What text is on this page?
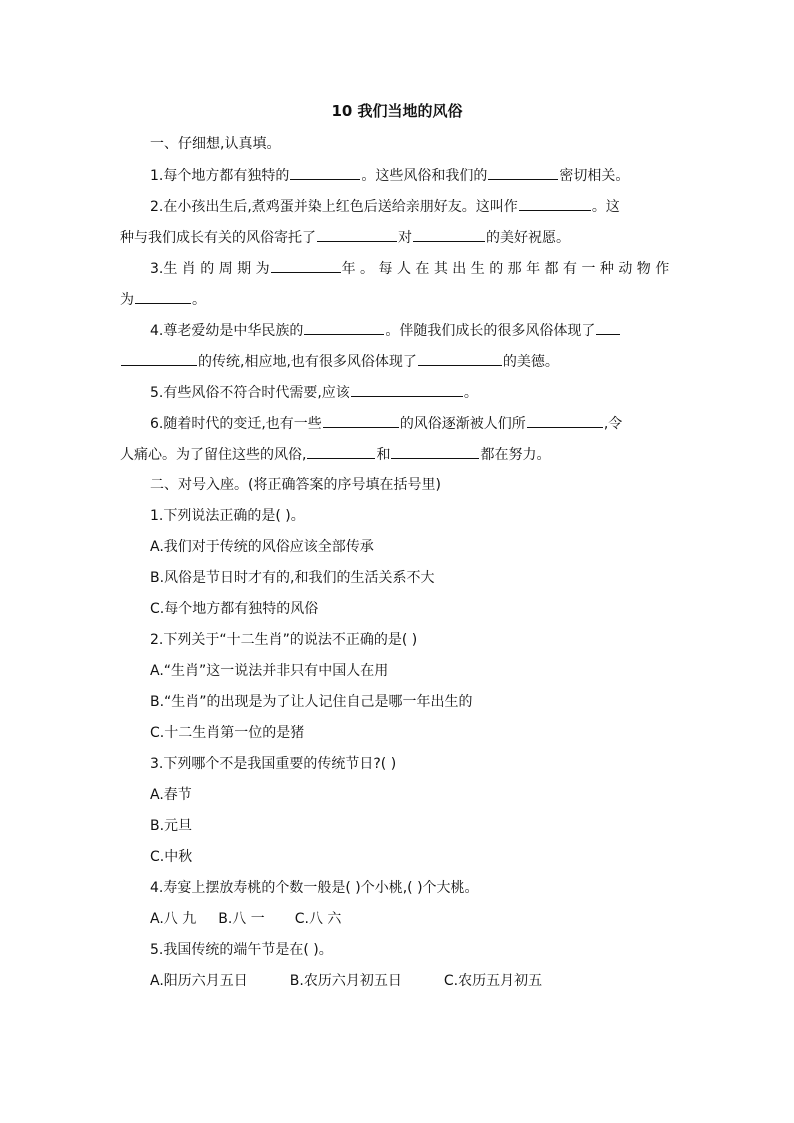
10 我们当地的风俗
一、仔细想,认真填。
1.每个地方都有独特的	。这些风俗和我们的	密切相关。
2.在小孩出生后,煮鸡蛋并染上红色后送给亲朋好友。这叫作	。这
种与我们成长有关的风俗寄托了	对	的美好祝愿。
3.生 肖 的 周 期 为	年 。 每 人 在 其 出 生 的 那 年 都 有 一 种 动 物 作
为	。
4.尊老爱幼是中华民族的	。伴随我们成长的很多风俗体现了
的传统,相应地,也有很多风俗体现了	的美德。
5.有些风俗不符合时代需要,应该	。
6.随着时代的变迁,也有一些	的风俗逐渐被人们所	,令
人痛心。为了留住这些的风俗,	和	都在努力。
二、对号入座。(将正确答案的序号填在括号里)
1.下列说法正确的是( )。
A.我们对于传统的风俗应该全部传承
B.风俗是节日时才有的,和我们的生活关系不大
C.每个地方都有独特的风俗
2.下列关于“十二生肖”的说法不正确的是( )
A.“生肖”这一说法并非只有中国人在用
B.“生肖”的出现是为了让人记住自己是哪一年出生的
C.十二生肖第一位的是猪
3.下列哪个不是我国重要的传统节日?( )
A.春节
B.元旦
C.中秋
4.寿宴上摆放寿桃的个数一般是( )个小桃,( )个大桃。
A.八 九 B.八 一 C.八 六
5.我国传统的端午节是在( )。
A.阳历六月五日	B.农历六月初五日	C.农历五月初五
